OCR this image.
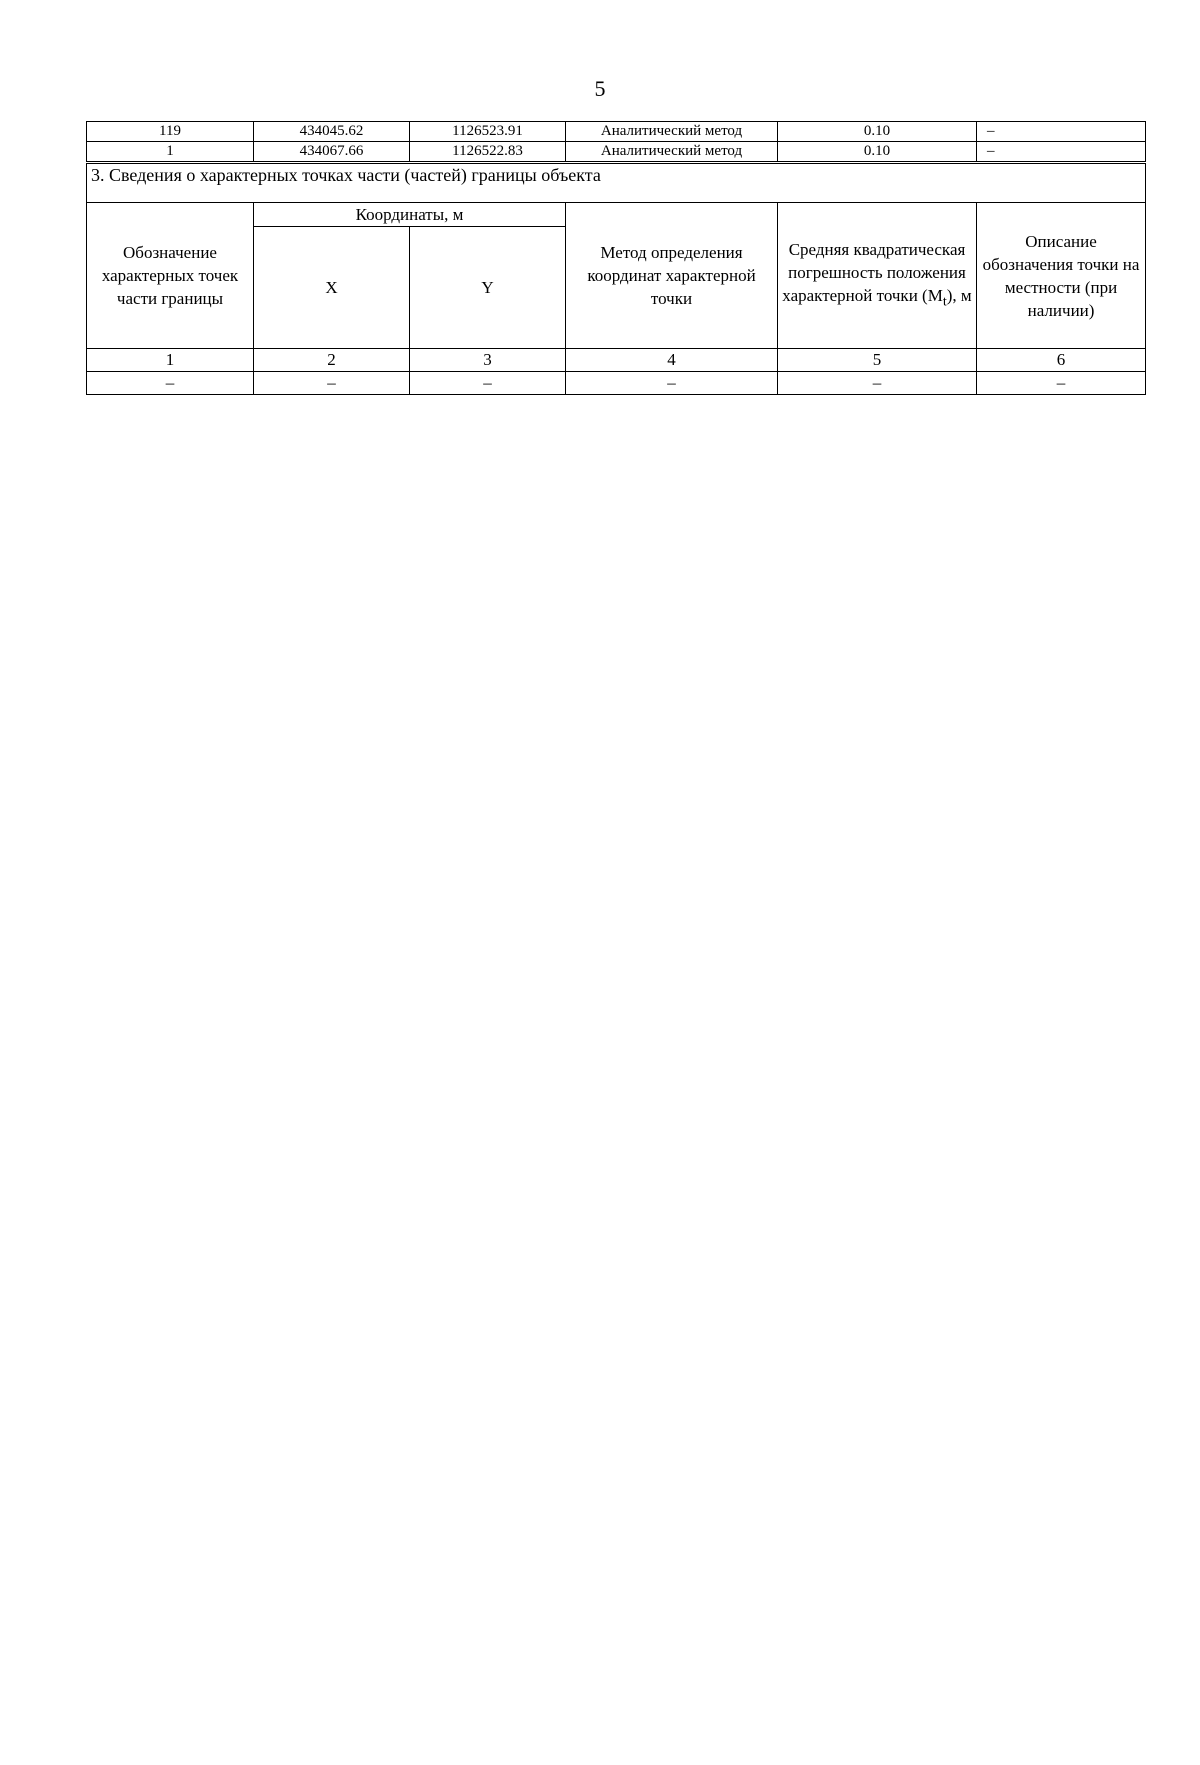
5
119	434045.62	1126523.91	Аналитический метод	0.10	–
1	434067.66	1126522.83	Аналитический метод	0.10	–
3. Сведения о характерных точках части (частей) границы объекта					
Обозначение характерных точек части границы	Координаты, м		Метод определения координат характерной точки	Средняя квадратическая погрешность положения характерной точки $(M_t)$, м	Описание обозначения точки на местности (при наличии)
	X	Y			
1	2	3	4	5	6
–	–	–	–	–	–
